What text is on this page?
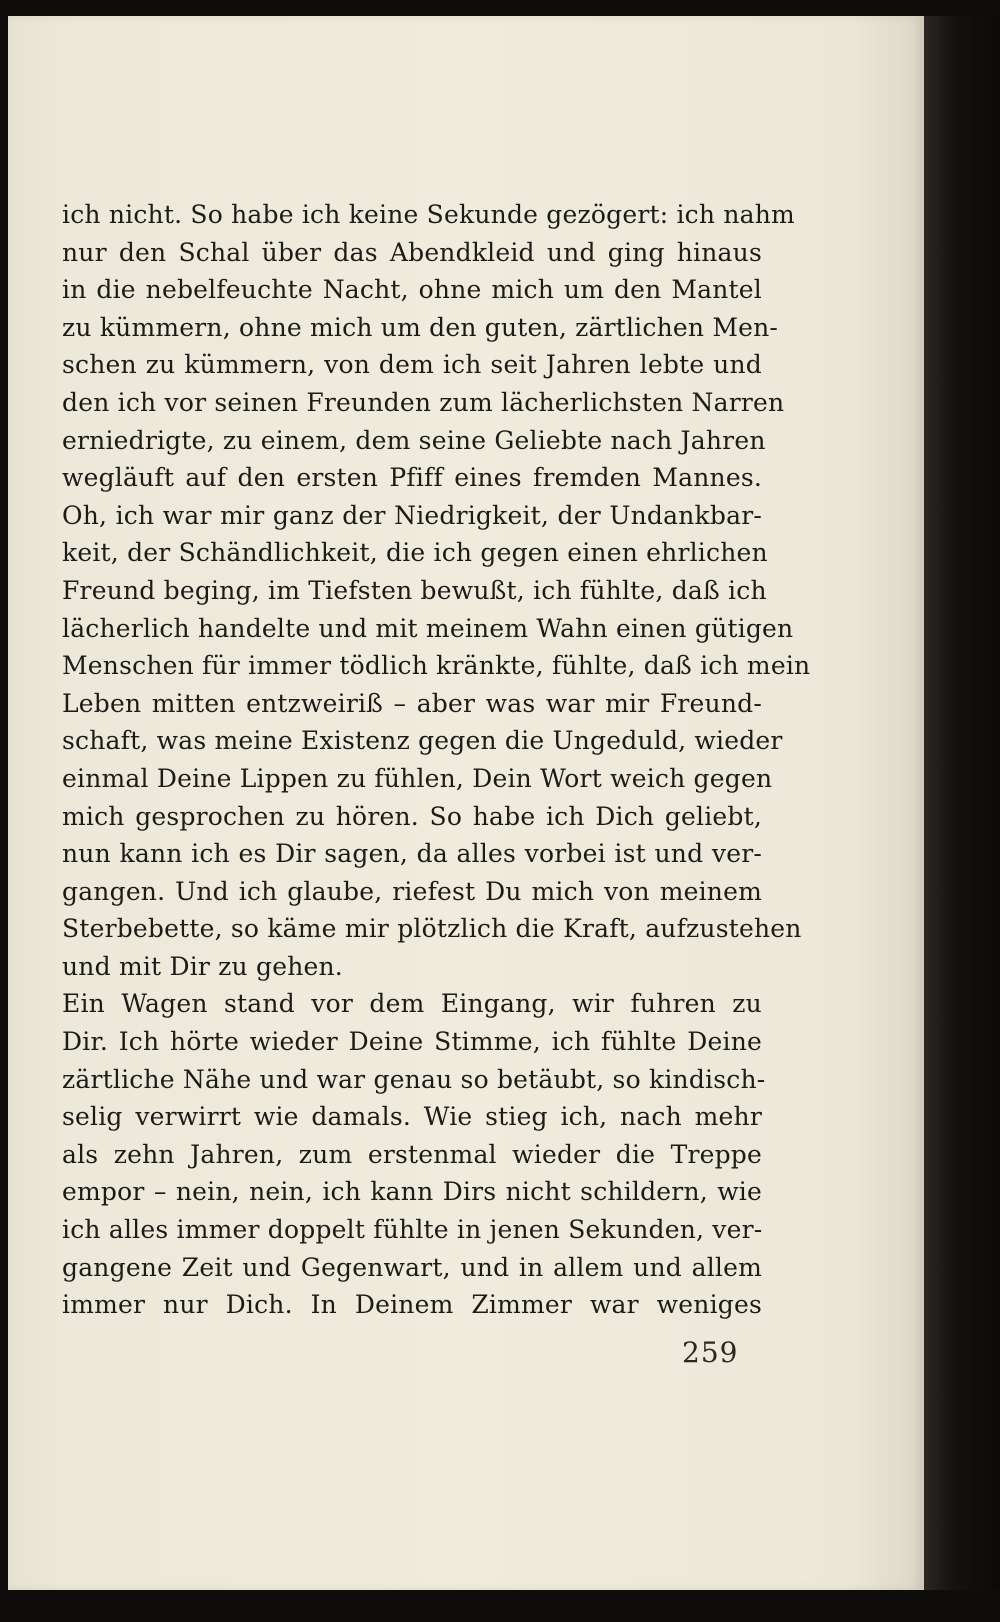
ich nicht. So habe ich keine Sekunde gezögert: ich nahm
nur den Schal über das Abendkleid und ging hinaus
in die nebelfeuchte Nacht, ohne mich um den Mantel
zu kümmern, ohne mich um den guten, zärtlichen Men-
schen zu kümmern, von dem ich seit Jahren lebte und
den ich vor seinen Freunden zum lächerlichsten Narren
erniedrigte, zu einem, dem seine Geliebte nach Jahren
wegläuft auf den ersten Pfiff eines fremden Mannes.
Oh, ich war mir ganz der Niedrigkeit, der Undankbar-
keit, der Schändlichkeit, die ich gegen einen ehrlichen
Freund beging, im Tiefsten bewußt, ich fühlte, daß ich
lächerlich handelte und mit meinem Wahn einen gütigen
Menschen für immer tödlich kränkte, fühlte, daß ich mein
Leben mitten entzweiriß – aber was war mir Freund-
schaft, was meine Existenz gegen die Ungeduld, wieder
einmal Deine Lippen zu fühlen, Dein Wort weich gegen
mich gesprochen zu hören. So habe ich Dich geliebt,
nun kann ich es Dir sagen, da alles vorbei ist und ver-
gangen. Und ich glaube, riefest Du mich von meinem
Sterbebette, so käme mir plötzlich die Kraft, aufzustehen
und mit Dir zu gehen.
Ein Wagen stand vor dem Eingang, wir fuhren zu
Dir. Ich hörte wieder Deine Stimme, ich fühlte Deine
zärtliche Nähe und war genau so betäubt, so kindisch-
selig verwirrt wie damals. Wie stieg ich, nach mehr
als zehn Jahren, zum erstenmal wieder die Treppe
empor – nein, nein, ich kann Dirs nicht schildern, wie
ich alles immer doppelt fühlte in jenen Sekunden, ver-
gangene Zeit und Gegenwart, und in allem und allem
immer nur Dich. In Deinem Zimmer war weniges
259
